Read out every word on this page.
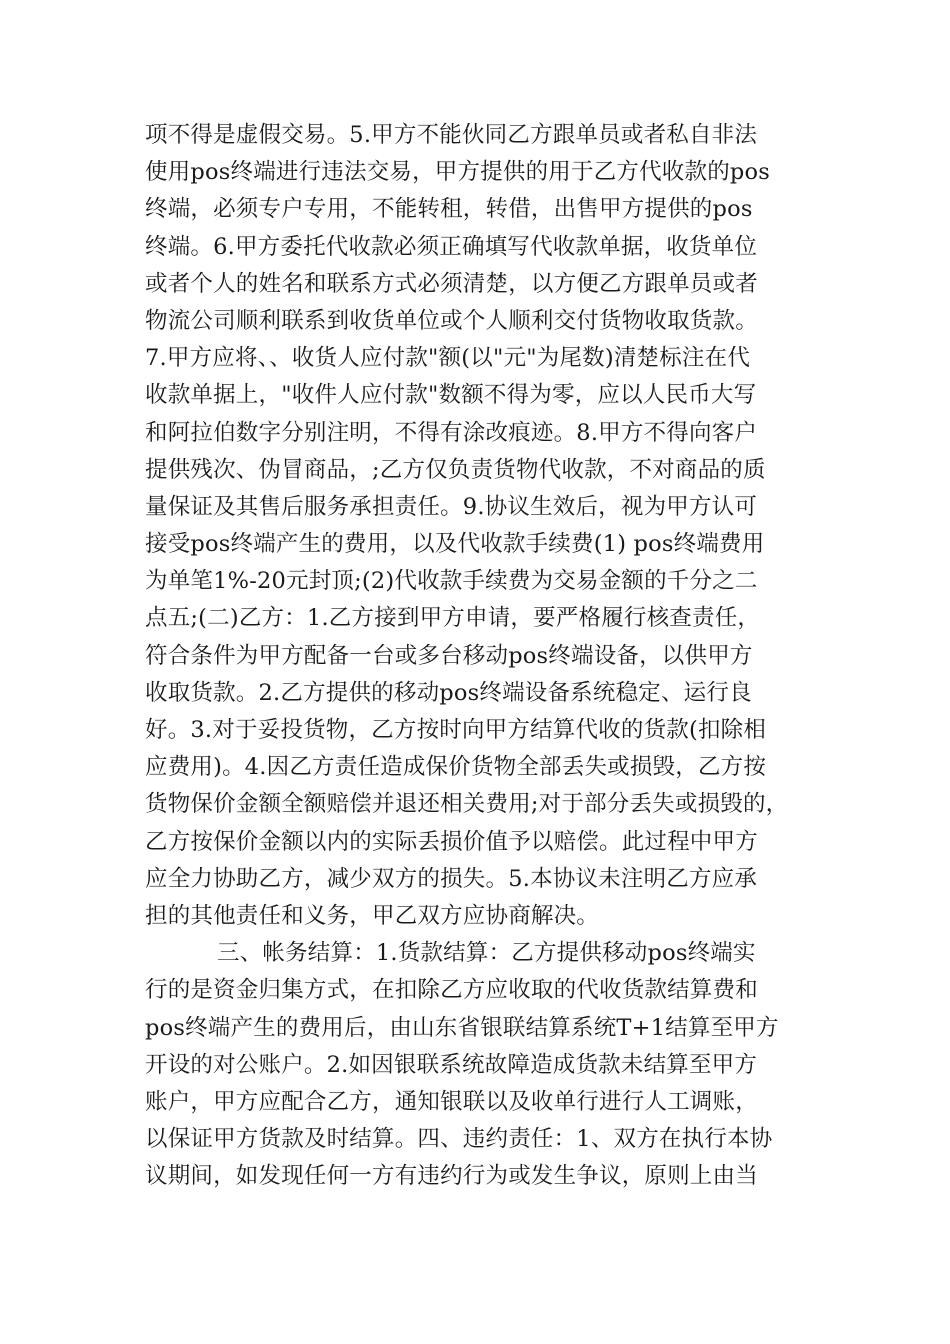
项不得是虚假交易。5.甲方不能伙同乙方跟单员或者私自非法
使用pos终端进行违法交易，甲方提供的用于乙方代收款的pos
终端，必须专户专用，不能转租，转借，出售甲方提供的pos
终端。6.甲方委托代收款必须正确填写代收款单据，收货单位
或者个人的姓名和联系方式必须清楚，以方便乙方跟单员或者
物流公司顺利联系到收货单位或个人顺利交付货物收取货款。
7.甲方应将、、收货人应付款"额(以"元"为尾数)清楚标注在代
收款单据上，"收件人应付款"数额不得为零，应以人民币大写
和阿拉伯数字分别注明，不得有涂改痕迹。8.甲方不得向客户
提供残次、伪冒商品，;乙方仅负责货物代收款，不对商品的质
量保证及其售后服务承担责任。9.协议生效后，视为甲方认可
接受pos终端产生的费用，以及代收款手续费(1) pos终端费用
为单笔1%-20元封顶;(2)代收款手续费为交易金额的千分之二
点五;(二)乙方：1.乙方接到甲方申请，要严格履行核查责任，
符合条件为甲方配备一台或多台移动pos终端设备，以供甲方
收取货款。2.乙方提供的移动pos终端设备系统稳定、运行良
好。3.对于妥投货物，乙方按时向甲方结算代收的货款(扣除相
应费用)。4.因乙方责任造成保价货物全部丢失或损毁，乙方按
货物保价金额全额赔偿并退还相关费用;对于部分丢失或损毁的，
乙方按保价金额以内的实际丢损价值予以赔偿。此过程中甲方
应全力协助乙方，减少双方的损失。5.本协议未注明乙方应承
担的其他责任和义务，甲乙双方应协商解决。
三、帐务结算：1.货款结算：乙方提供移动pos终端实
行的是资金归集方式，在扣除乙方应收取的代收货款结算费和
pos终端产生的费用后，由山东省银联结算系统T+1结算至甲方
开设的对公账户。2.如因银联系统故障造成货款未结算至甲方
账户，甲方应配合乙方，通知银联以及收单行进行人工调账，
以保证甲方货款及时结算。四、违约责任：1、双方在执行本协
议期间，如发现任何一方有违约行为或发生争议，原则上由当
